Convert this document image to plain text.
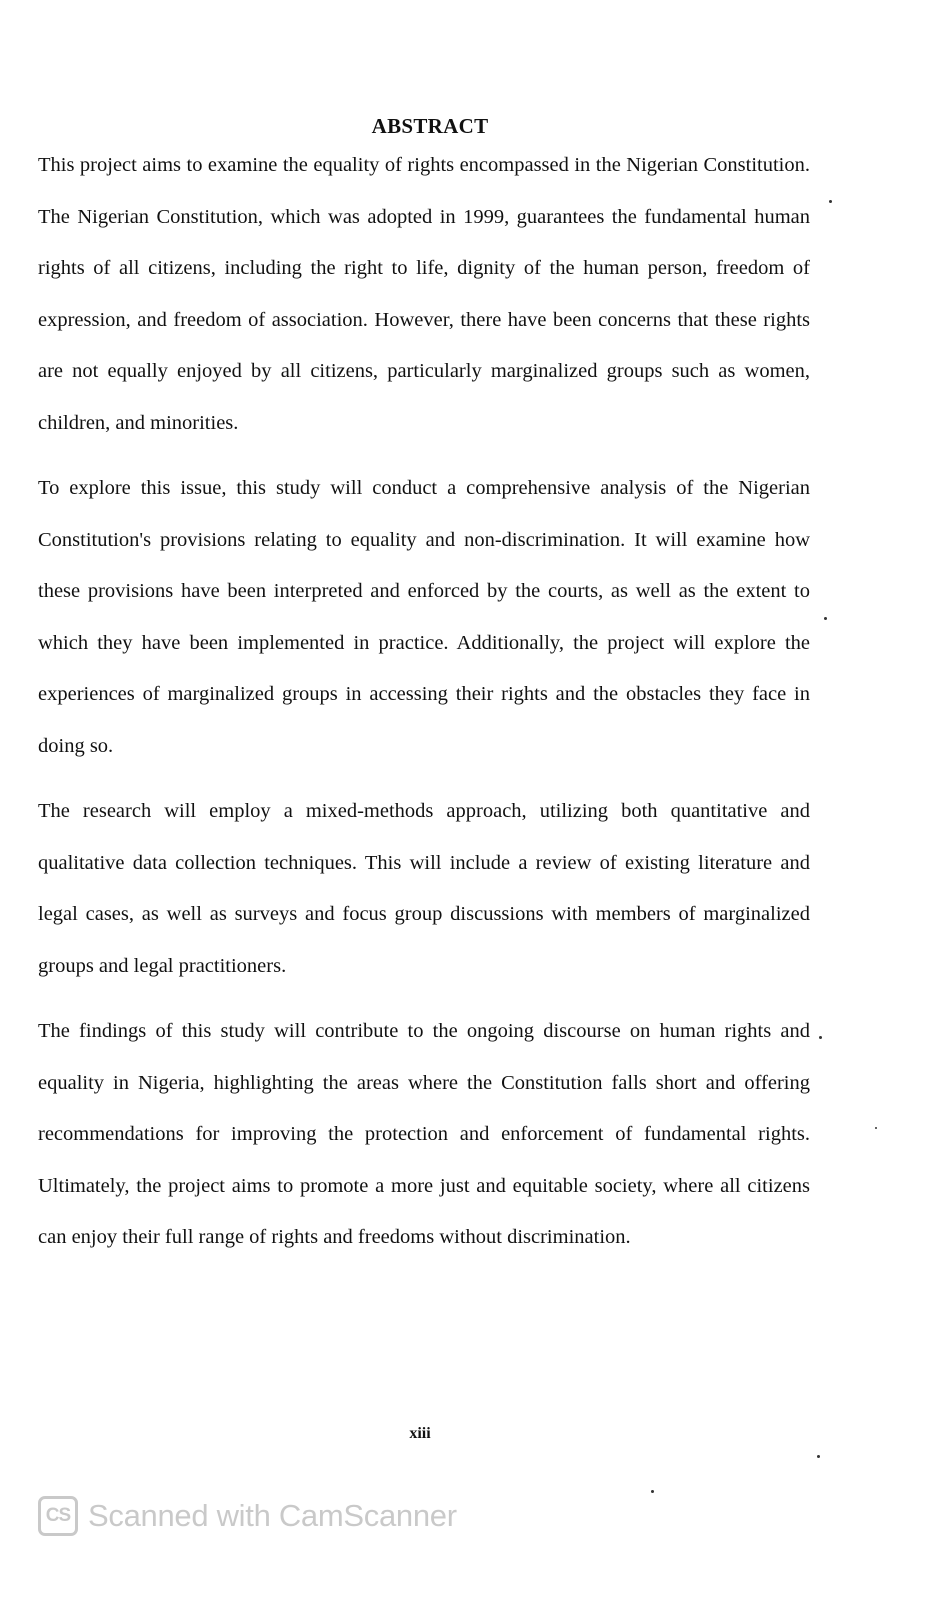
ABSTRACT

This project aims to examine the equality of rights encompassed in the Nigerian Constitution. The Nigerian Constitution, which was adopted in 1999, guarantees the fundamental human rights of all citizens, including the right to life, dignity of the human person, freedom of expression, and freedom of association. However, there have been concerns that these rights are not equally enjoyed by all citizens, particularly marginalized groups such as women, children, and minorities.

To explore this issue, this study will conduct a comprehensive analysis of the Nigerian Constitution's provisions relating to equality and non-discrimination. It will examine how these provisions have been interpreted and enforced by the courts, as well as the extent to which they have been implemented in practice. Additionally, the project will explore the experiences of marginalized groups in accessing their rights and the obstacles they face in doing so.

The research will employ a mixed-methods approach, utilizing both quantitative and qualitative data collection techniques. This will include a review of existing literature and legal cases, as well as surveys and focus group discussions with members of marginalized groups and legal practitioners.

The findings of this study will contribute to the ongoing discourse on human rights and equality in Nigeria, highlighting the areas where the Constitution falls short and offering recommendations for improving the protection and enforcement of fundamental rights. Ultimately, the project aims to promote a more just and equitable society, where all citizens can enjoy their full range of rights and freedoms without discrimination.

xiii
CS Scanned with CamScanner
